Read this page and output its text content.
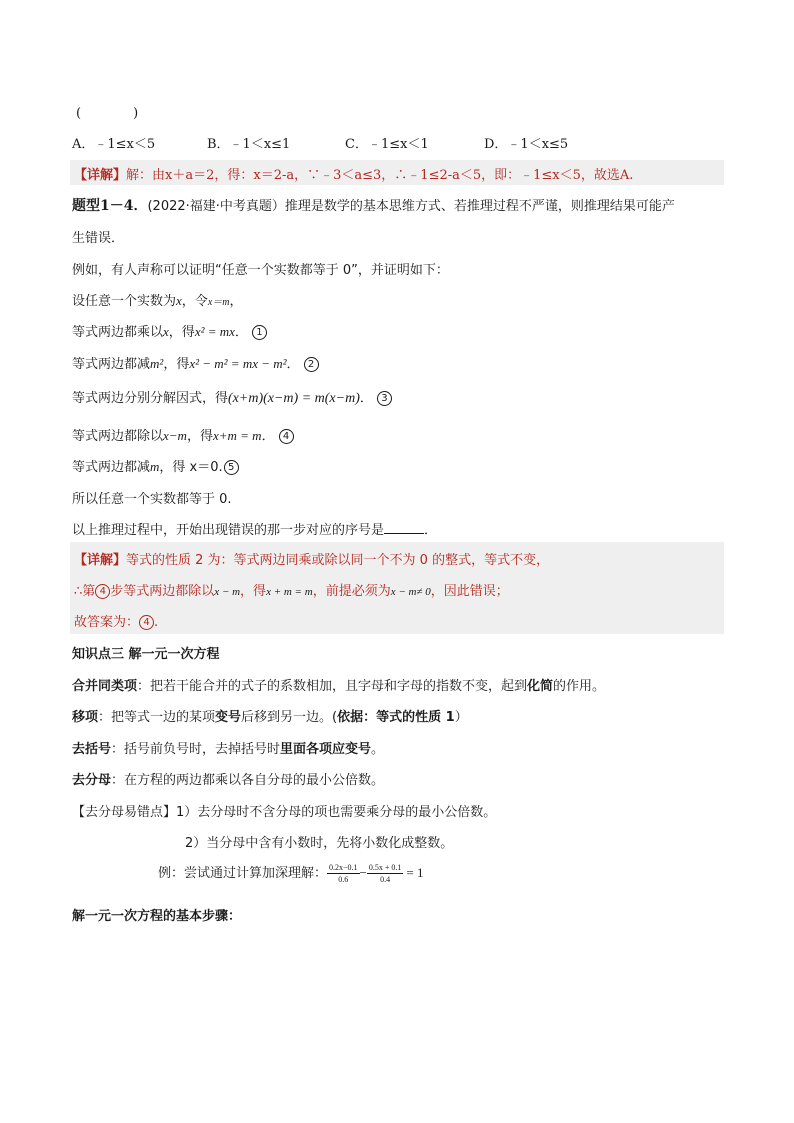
(　　　　)
A．﹣1≤x＜5	B．﹣1＜x≤1	C．﹣1≤x＜1	D．﹣1＜x≤5
【详解】解：由x＋a＝2，得：x＝2-a，∵﹣3＜a≤3，∴﹣1≤2-a＜5，即：﹣1≤x＜5，故选A.
题型1－4．(2022·福建·中考真题）推理是数学的基本思维方式、若推理过程不严谨，则推理结果可能产
生错误．
例如，有人声称可以证明“任意一个实数都等于 0”，并证明如下：
设任意一个实数为x，令x＝m，
等式两边都乘以x，得x² = mx． 1
等式两边都减m²，得x² − m² = mx − m²． 2
等式两边分别分解因式，得(x+m)(x−m) = m(x−m)． 3
等式两边都除以x−m，得x+m = m． 4
等式两边都减m，得 x＝0. 5
所以任意一个实数都等于 0.
以上推理过程中，开始出现错误的那一步对应的序号是	．
【详解】等式的性质 2 为：等式两边同乘或除以同一个不为 0 的整式，等式不变，
∴第 4 步等式两边都除以x − m，得x + m = m，前提必须为x − m≠ 0，因此错误；
故答案为： 4 .
知识点三 解一元一次方程
合并同类项：把若干能合并的式子的系数相加，且字母和字母的指数不变，起到化简的作用。
移项：把等式一边的某项变号后移到另一边。(依据：等式的性质 1）
去括号：括号前负号时，去掉括号时里面各项应变号。
去分母：在方程的两边都乘以各自分母的最小公倍数。
【去分母易错点】1）去分母时不含分母的项也需要乘分母的最小公倍数。
2）当分母中含有小数时，先将小数化成整数。
例：尝试通过计算加深理解： $\frac{0.2x-0.1}{0.6} - \frac{0.5x + 0.1}{0.4} = 1$
解一元一次方程的基本步骤：
